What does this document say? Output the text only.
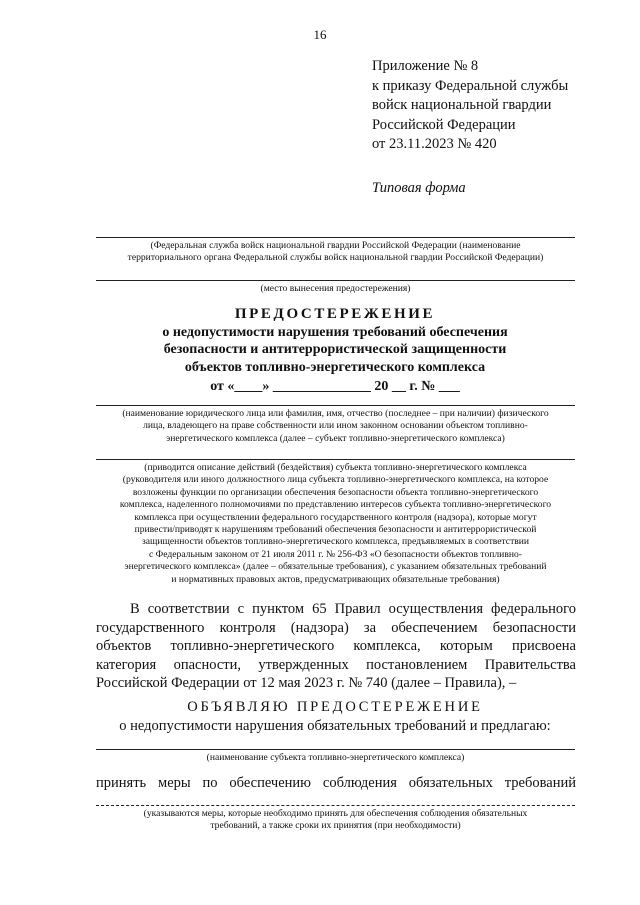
16
Приложение № 8
к приказу Федеральной службы
войск национальной гвардии
Российской Федерации
от 23.11.2023 № 420
Типовая форма
(Федеральная служба войск национальной гвардии Российской Федерации (наименование
территориального органа Федеральной службы войск национальной гвардии Российской Федерации)
(место вынесения предостережения)
ПРЕДОСТЕРЕЖЕНИЕ
о недопустимости нарушения требований обеспечения
безопасности и антитеррористической защищенности
объектов топливно-энергетического комплекса
от «____» ______________ 20 __ г. № ___
(наименование юридического лица или фамилия, имя, отчество (последнее – при наличии) физического
лица, владеющего на праве собственности или ином законном основании объектом топливно-
энергетического комплекса (далее – субъект топливно-энергетического комплекса)
(приводится описание действий (бездействия) субъекта топливно-энергетического комплекса
(руководителя или иного должностного лица субъекта топливно-энергетического комплекса, на которое
возложены функции по организации обеспечения безопасности объекта топливно-энергетического
комплекса, наделенного полномочиями по представлению интересов субъекта топливно-энергетического
комплекса при осуществлении федерального государственного контроля (надзора), которые могут
привести/приводят к нарушениям требований обеспечения безопасности и антитеррористической
защищенности объектов топливно-энергетического комплекса, предъявляемых в соответствии
с Федеральным законом от 21 июля 2011 г. № 256-ФЗ «О безопасности объектов топливно-
энергетического комплекса» (далее – обязательные требования), с указанием обязательных требований
и нормативных правовых актов, предусматривающих обязательные требования)
В соответствии с пунктом 65 Правил осуществления федерального
государственного контроля (надзора) за обеспечением безопасности
объектов топливно-энергетического комплекса, которым присвоена
категория опасности, утвержденных постановлением Правительства
Российской Федерации от 12 мая 2023 г. № 740 (далее – Правила), –
ОБЪЯВЛЯЮ ПРЕДОСТЕРЕЖЕНИЕ
о недопустимости нарушения обязательных требований и предлагаю:
(наименование субъекта топливно-энергетического комплекса)
принять меры по обеспечению соблюдения обязательных требований
(указываются меры, которые необходимо принять для обеспечения соблюдения обязательных
требований, а также сроки их принятия (при необходимости)
